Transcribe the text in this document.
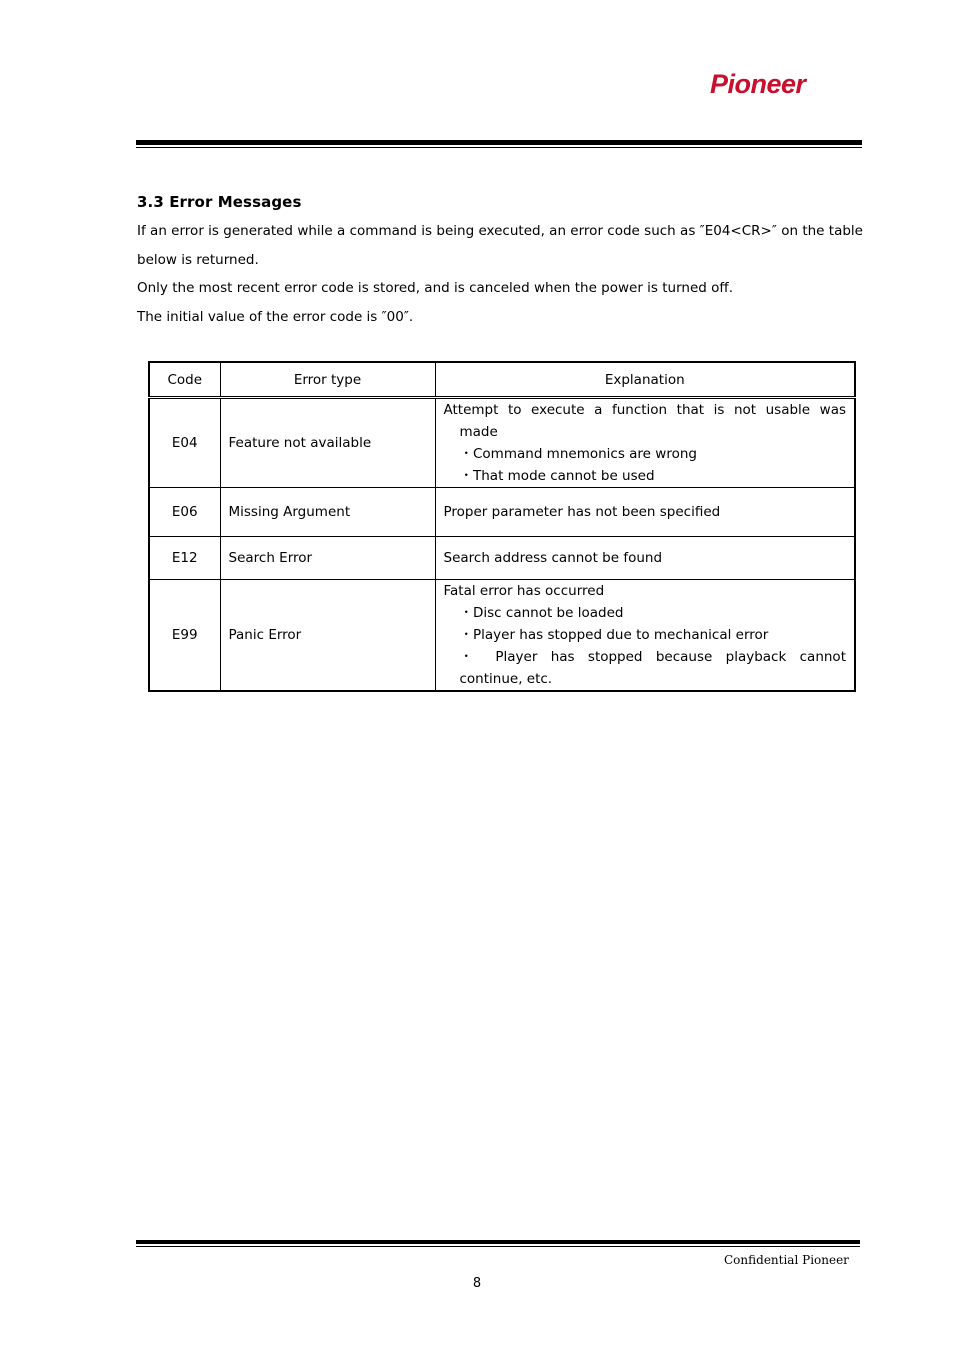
Pioneer
3.3 Error Messages
If an error is generated while a command is being executed, an error code such as ″E04<CR>″ on the table below is returned.
Only the most recent error code is stored, and is canceled when the power is turned off.
The initial value of the error code is ″00″.
Code	Error type	Explanation
E04	Feature not available	Attempt to execute a function that is not usable was
made
・Command mnemonics are wrong
・That mode cannot be used

E06	Missing Argument	Proper parameter has not been specified

E12	Search Error	Search address cannot be found

E99	Panic Error	Fatal error has occurred
・Disc cannot be loaded
・Player has stopped due to mechanical error
・ Player has stopped because playback cannot
continue, etc.
Confidential Pioneer
8
